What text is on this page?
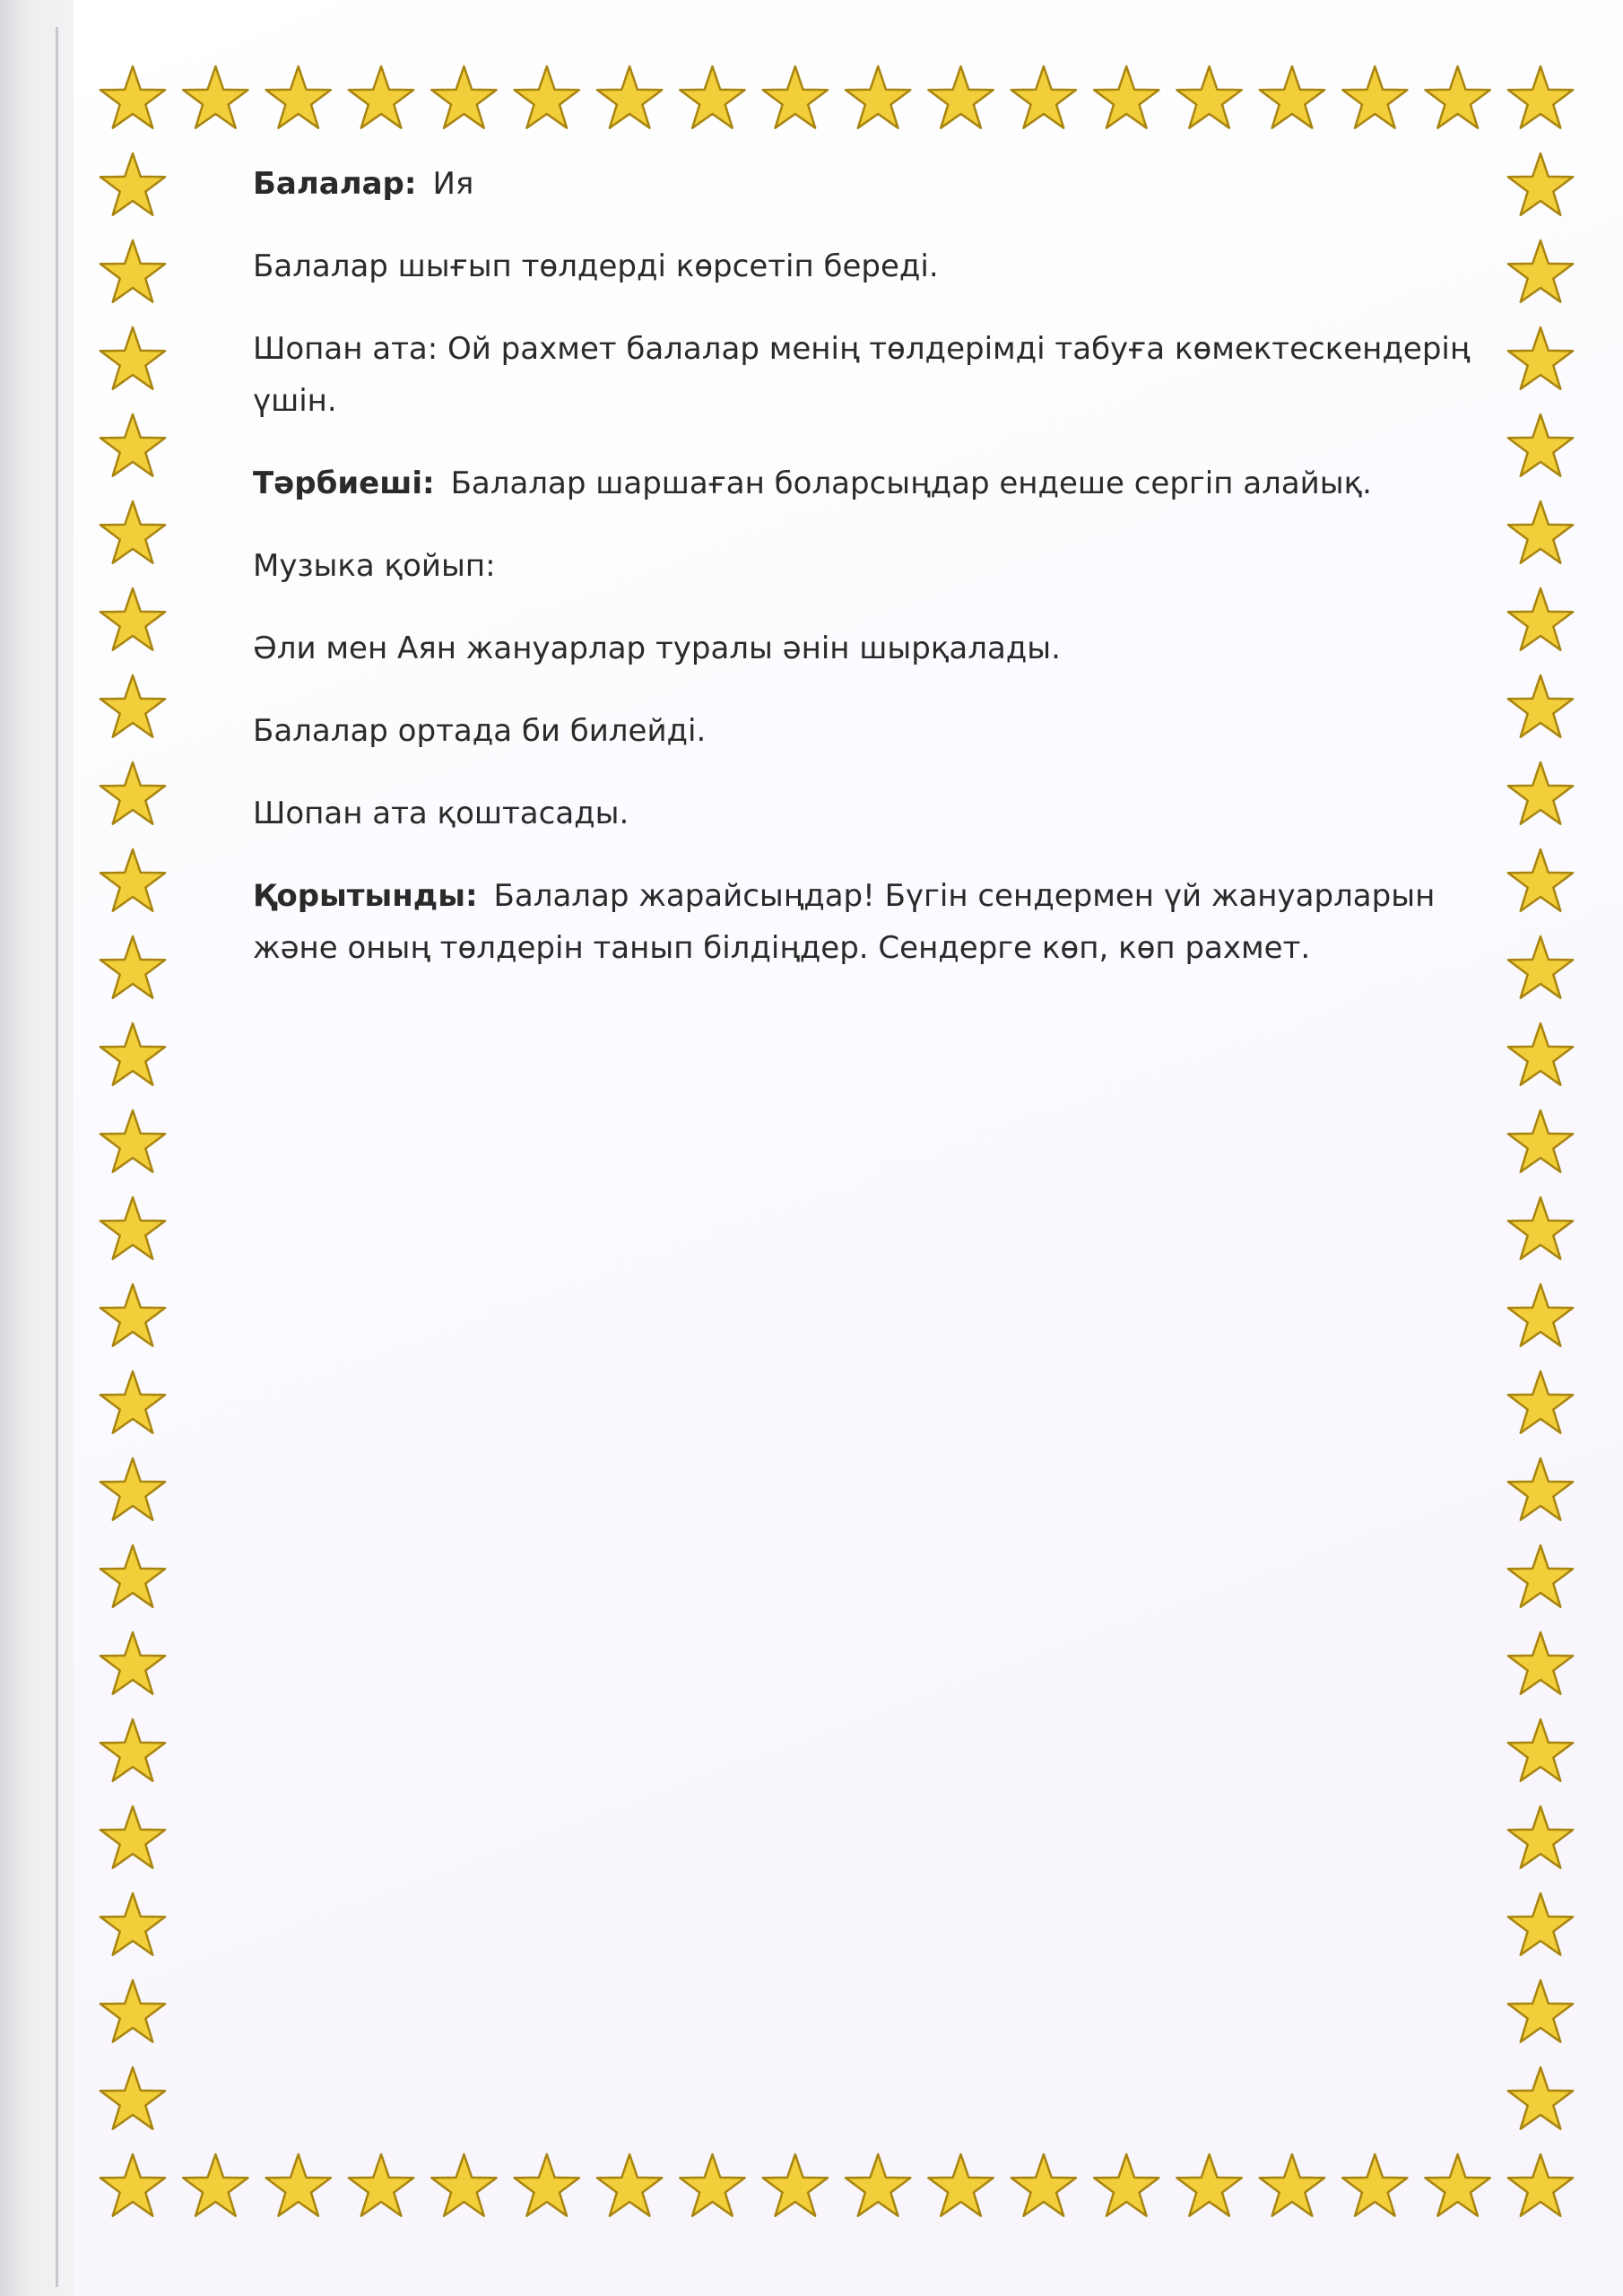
Балалар: Ия

Балалар шығып төлдерді көрсетіп береді.

Шопан ата: Ой рахмет балалар менің төлдерімді табуға көмектескендерің үшін.

Тәрбиеші: Балалар шаршаған боларсыңдар ендеше сергіп алайық.

Музыка қойып:

Әли мен Аян жануарлар туралы әнін шырқалады.

Балалар ортада би билейді.

Шопан ата қоштасады.

Қорытынды: Балалар жарайсыңдар! Бүгін сендермен үй жануарларын және оның төлдерін танып білдіңдер. Сендерге көп, көп рахмет.
